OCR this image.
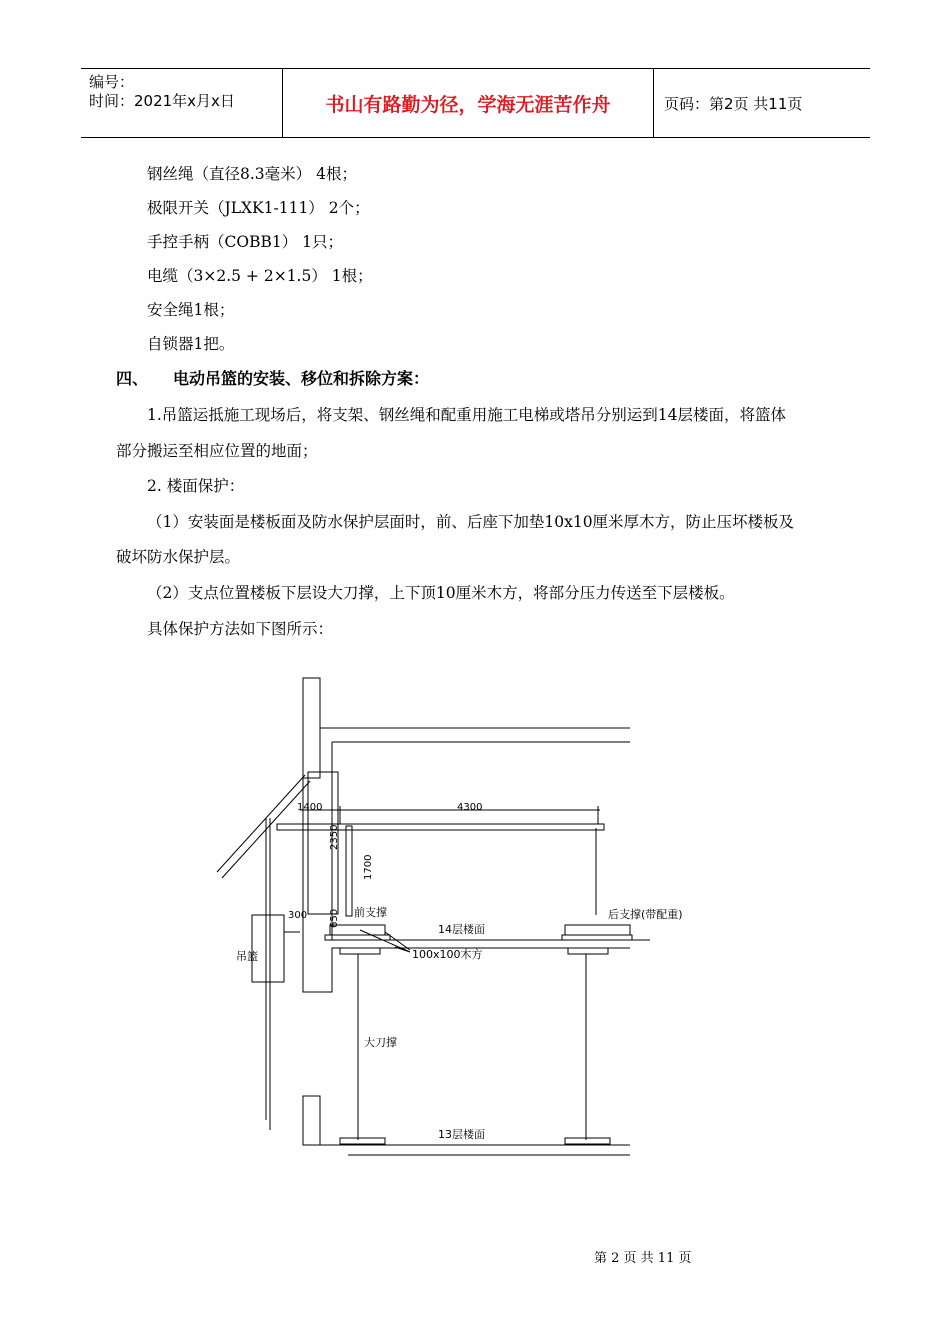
编号：
时间：2021年x月x日	书山有路勤为径，学海无涯苦作舟	页码：第2页 共11页
钢丝绳（直径8.3毫米） 4根；
极限开关（JLXK1-111） 2个；
手控手柄（COBB1） 1只；
电缆（3×2.5 + 2×1.5） 1根；
安全绳1根；
自锁器1把。
四、 电动吊篮的安装、移位和拆除方案：
1.吊篮运抵施工现场后，将支架、钢丝绳和配重用施工电梯或塔吊分别运到14层楼面，将篮体
部分搬运至相应位置的地面；
2. 楼面保护：
（1）安装面是楼板面及防水保护层面时，前、后座下加垫10x10厘米厚木方，防止压坏楼板及
破坏防水保护层。
（2）支点位置楼板下层设大刀撑，上下顶10厘米木方，将部分压力传送至下层楼板。
具体保护方法如下图所示：
1400	4300
2350
1700
300 650 前支撑	后支撑(带配重)
14层楼面
100x100木方
吊篮
大刀撑
13层楼面
第 2 页 共 11 页
